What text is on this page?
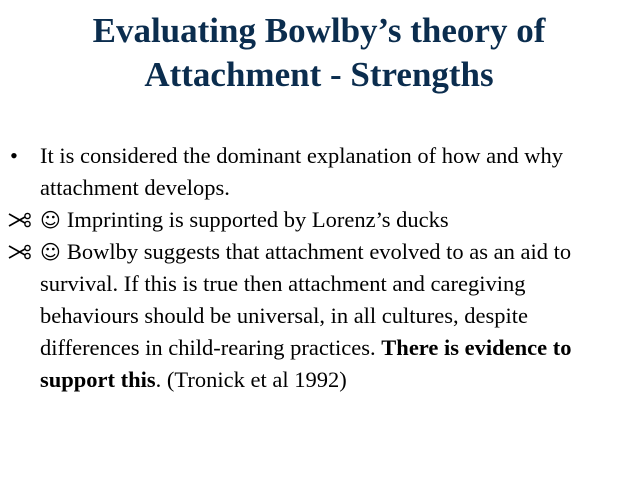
Evaluating Bowlby’s theory of
Attachment - Strengths
• It is considered the dominant explanation of how and why attachment develops.
☺ Imprinting is supported by Lorenz’s ducks
☺ Bowlby suggests that attachment evolved to as an aid to survival. If this is true then attachment and caregiving behaviours should be universal, in all cultures, despite differences in child-rearing practices. There is evidence to support this. (Tronick et al 1992)
